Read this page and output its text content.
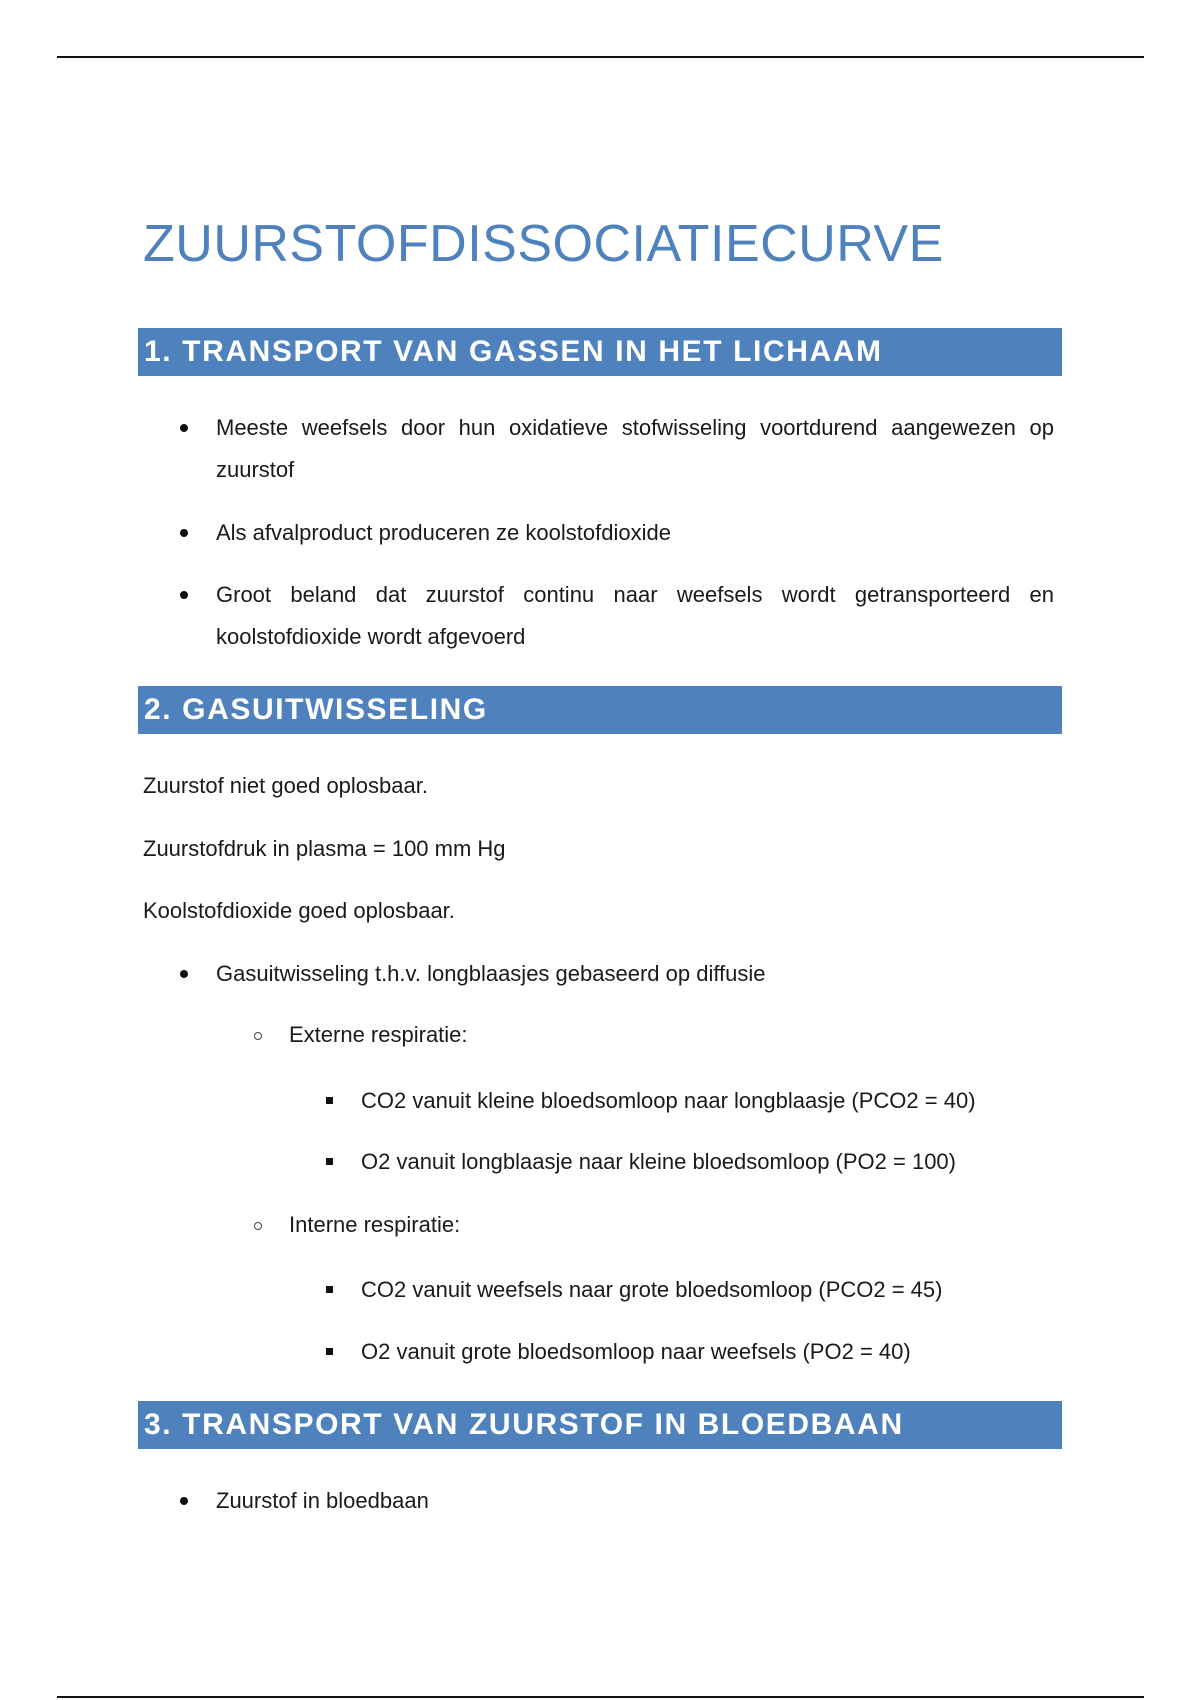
ZUURSTOFDISSOCIATIECURVE
1. TRANSPORT VAN GASSEN IN HET LICHAAM
Meeste weefsels door hun oxidatieve stofwisseling voortdurend aangewezen op zuurstof
Als afvalproduct produceren ze koolstofdioxide
Groot beland dat zuurstof continu naar weefsels wordt getransporteerd en koolstofdioxide wordt afgevoerd
2. GASUITWISSELING
Zuurstof niet goed oplosbaar.
Zuurstofdruk in plasma = 100 mm Hg
Koolstofdioxide goed oplosbaar.
Gasuitwisseling t.h.v. longblaasjes gebaseerd op diffusie
Externe respiratie:
CO2 vanuit kleine bloedsomloop naar longblaasje (PCO2 = 40)
O2 vanuit longblaasje naar kleine bloedsomloop (PO2 = 100)
Interne respiratie:
CO2 vanuit weefsels naar grote bloedsomloop (PCO2 = 45)
O2 vanuit grote bloedsomloop naar weefsels (PO2 = 40)
3. TRANSPORT VAN ZUURSTOF IN BLOEDBAAN
Zuurstof in bloedbaan
